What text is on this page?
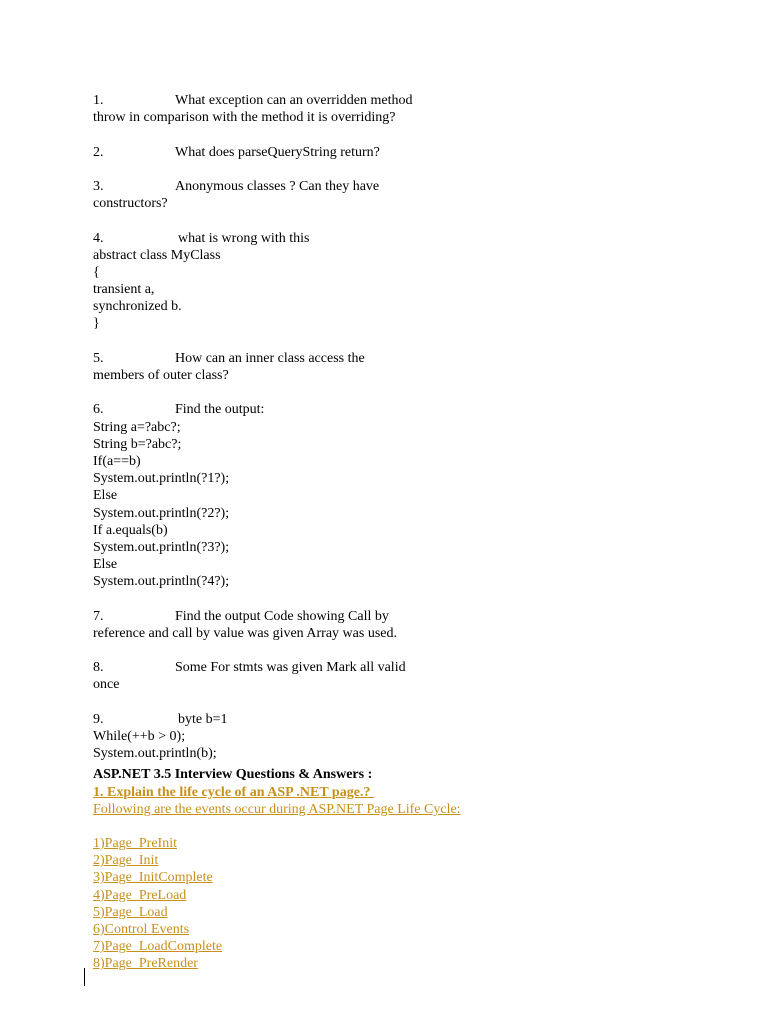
1.	What exception can an overridden method
throw in comparison with the method it is overriding?
2.	What does parseQueryString return?
3.	Anonymous classes ? Can they have
constructors?
4.	what is wrong with this
abstract class MyClass
{
transient a,
synchronized b.
}
5.	How can an inner class access the
members of outer class?
6.	Find the output:
String a=?abc?;
String b=?abc?;
If(a==b)
System.out.println(?1?);
Else
System.out.println(?2?);
If a.equals(b)
System.out.println(?3?);
Else
System.out.println(?4?);
7.	Find the output Code showing Call by
reference and call by value was given Array was used.
8.	Some For stmts was given Mark all valid
once
9.	byte b=1
While(++b > 0);
System.out.println(b);
ASP.NET 3.5 Interview Questions & Answers :
1. Explain the life cycle of an ASP .NET page.?
Following are the events occur during ASP.NET Page Life Cycle:
1)Page_PreInit
2)Page_Init
3)Page_InitComplete
4)Page_PreLoad
5)Page_Load
6)Control Events
7)Page_LoadComplete
8)Page_PreRender
